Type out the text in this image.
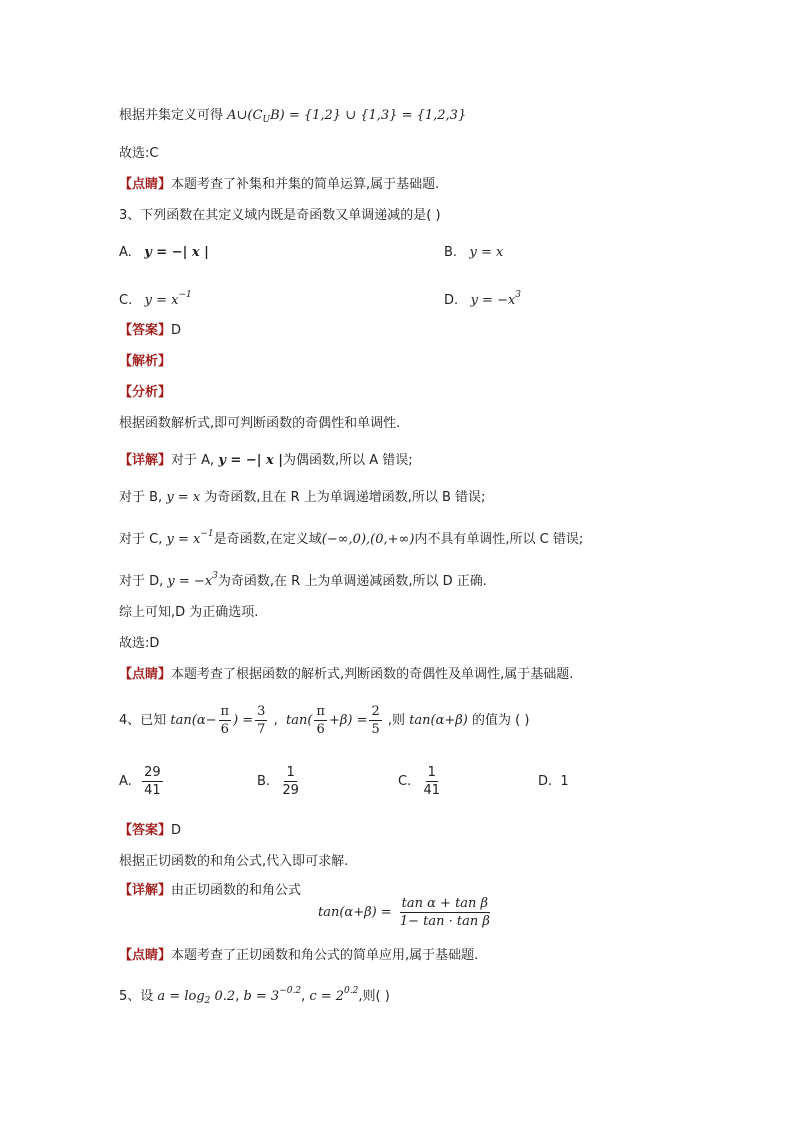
根据并集定义可得 $A\cup(C_UB) = \{1,2\}$ ∪ {1,3} = {1,2,3}
故选:C
【点睛】本题考查了补集和并集的简单运算,属于基础题.
3、下列函数在其定义域内既是奇函数又单调递减的是( )
A. y = −| x |	B. y = x
C. $y = x^{-1}$	D. $y = -x^3$
【答案】D
【解析】
【分析】
根据函数解析式,即可判断函数的奇偶性和单调性.
【详解】对于 A, y = −| x |为偶函数,所以 A 错误;
对于 B, y = x 为奇函数,且在 R 上为单调递增函数,所以 B 错误;
对于 C, $y = x^{-1}$是奇函数,在定义域(−∞,0),(0,+∞)内不具有单调性,所以 C 错误;
对于 D, $y = -x^3$为奇函数,在 R 上为单调递减函数,所以 D 正确.
综上可知,D 为正确选项.
故选:D
【点睛】本题考查了根据函数的解析式,判断函数的奇偶性及单调性,属于基础题.
4、已知 $\tan(\alpha- \frac{\pi}{6}$ ) = $\frac{3}{7}$ , $\tan( \frac{\pi}{6} +\beta) = \frac{2}{5}$ ,则 tan(α+β) 的值为 ( )
A. $\frac{29}{41}$	B. $\frac{1}{29}$	C. $\frac{1}{41}$	D. 1
【答案】D
根据正切函数的和角公式,代入即可求解.
【详解】由正切函数的和角公式
$\tan(\alpha+\beta) = \frac{\text{tan α + tan β}}{\text{1− tan · tan β}}$
【点睛】本题考查了正切函数和角公式的简单应用,属于基础题.
5、设 $a = \log_2 0.2$, $b = 3^{-0.2}$, $c = 2^{0.2}$,则( )
